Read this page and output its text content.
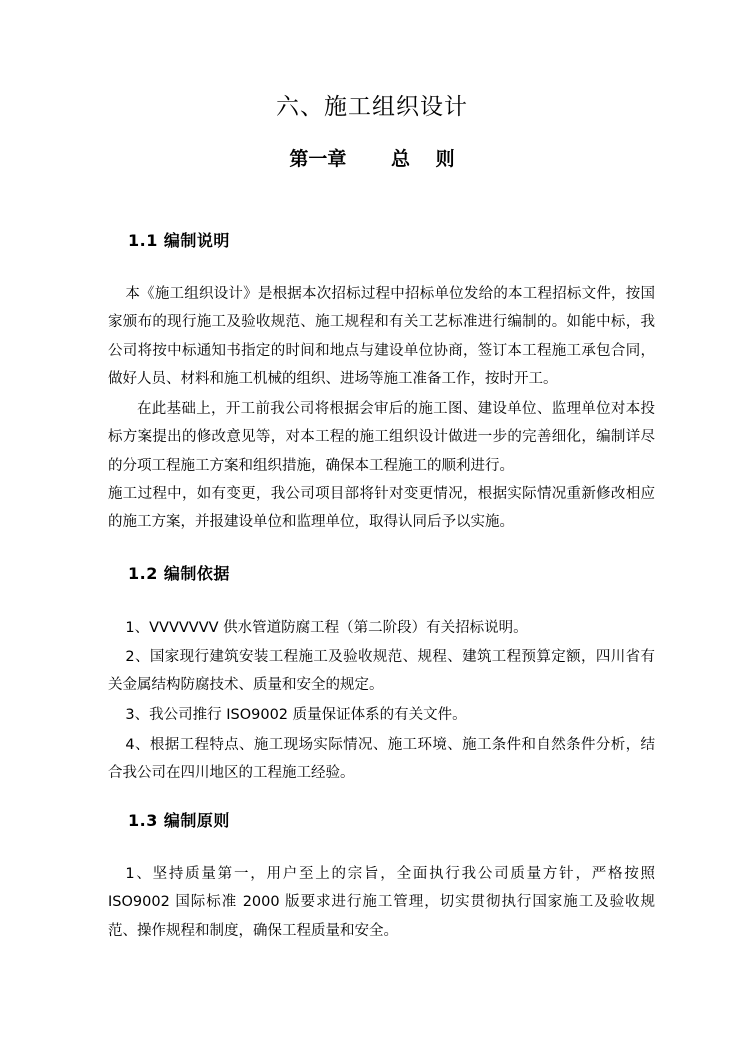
六、施工组织设计
第一章　　 总　 则
1.1 编制说明

本《施工组织设计》是根据本次招标过程中招标单位发给的本工程招标文件，按国家颁布的现行施工及验收规范、施工规程和有关工艺标准进行编制的。如能中标，我公司将按中标通知书指定的时间和地点与建设单位协商，签订本工程施工承包合同，做好人员、材料和施工机械的组织、进场等施工准备工作，按时开工。

在此基础上，开工前我公司将根据会审后的施工图、建设单位、监理单位对本投标方案提出的修改意见等，对本工程的施工组织设计做进一步的完善细化，编制详尽的分项工程施工方案和组织措施，确保本工程施工的顺利进行。

施工过程中，如有变更，我公司项目部将针对变更情况，根据实际情况重新修改相应的施工方案，并报建设单位和监理单位，取得认同后予以实施。

1.2 编制依据

1、VVVVVVV 供水管道防腐工程（第二阶段）有关招标说明。

2、国家现行建筑安装工程施工及验收规范、规程、建筑工程预算定额，四川省有关金属结构防腐技术、质量和安全的规定。

3、我公司推行 ISO9002 质量保证体系的有关文件。

4、根据工程特点、施工现场实际情况、施工环境、施工条件和自然条件分析，结合我公司在四川地区的工程施工经验。

1.3 编制原则

1、坚持质量第一，用户至上的宗旨，全面执行我公司质量方针，严格按照 ISO9002 国际标准 2000 版要求进行施工管理，切实贯彻执行国家施工及验收规范、操作规程和制度，确保工程质量和安全。
